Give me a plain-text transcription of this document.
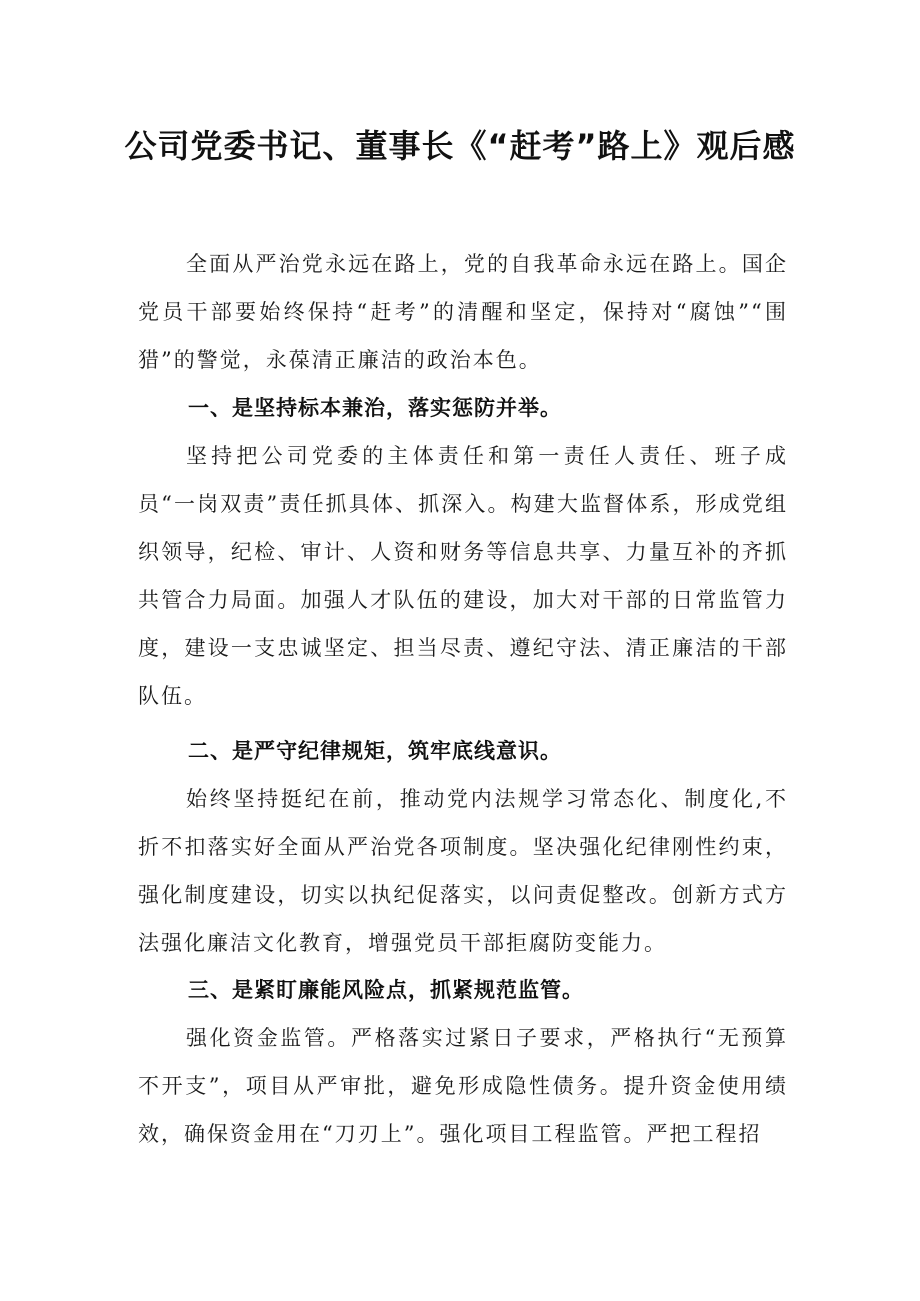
公司党委书记、董事长《“赶考”路上》观后感
全面从严治党永远在路上，党的自我革命永远在路上。国企党员干部要始终保持“赶考”的清醒和坚定，保持对“腐蚀”“围猎”的警觉，永葆清正廉洁的政治本色。
一、是坚持标本兼治，落实惩防并举。
坚持把公司党委的主体责任和第一责任人责任、班子成员“一岗双责”责任抓具体、抓深入。构建大监督体系，形成党组织领导，纪检、审计、人资和财务等信息共享、力量互补的齐抓共管合力局面。加强人才队伍的建设，加大对干部的日常监管力度，建设一支忠诚坚定、担当尽责、遵纪守法、清正廉洁的干部队伍。
二、是严守纪律规矩，筑牢底线意识。
始终坚持挺纪在前，推动党内法规学习常态化、制度化,不折不扣落实好全面从严治党各项制度。坚决强化纪律刚性约束，强化制度建设，切实以执纪促落实，以问责促整改。创新方式方法强化廉洁文化教育，增强党员干部拒腐防变能力。
三、是紧盯廉能风险点，抓紧规范监管。
强化资金监管。严格落实过紧日子要求，严格执行“无预算不开支”，项目从严审批，避免形成隐性债务。提升资金使用绩效，确保资金用在“刀刃上”。强化项目工程监管。严把工程招
